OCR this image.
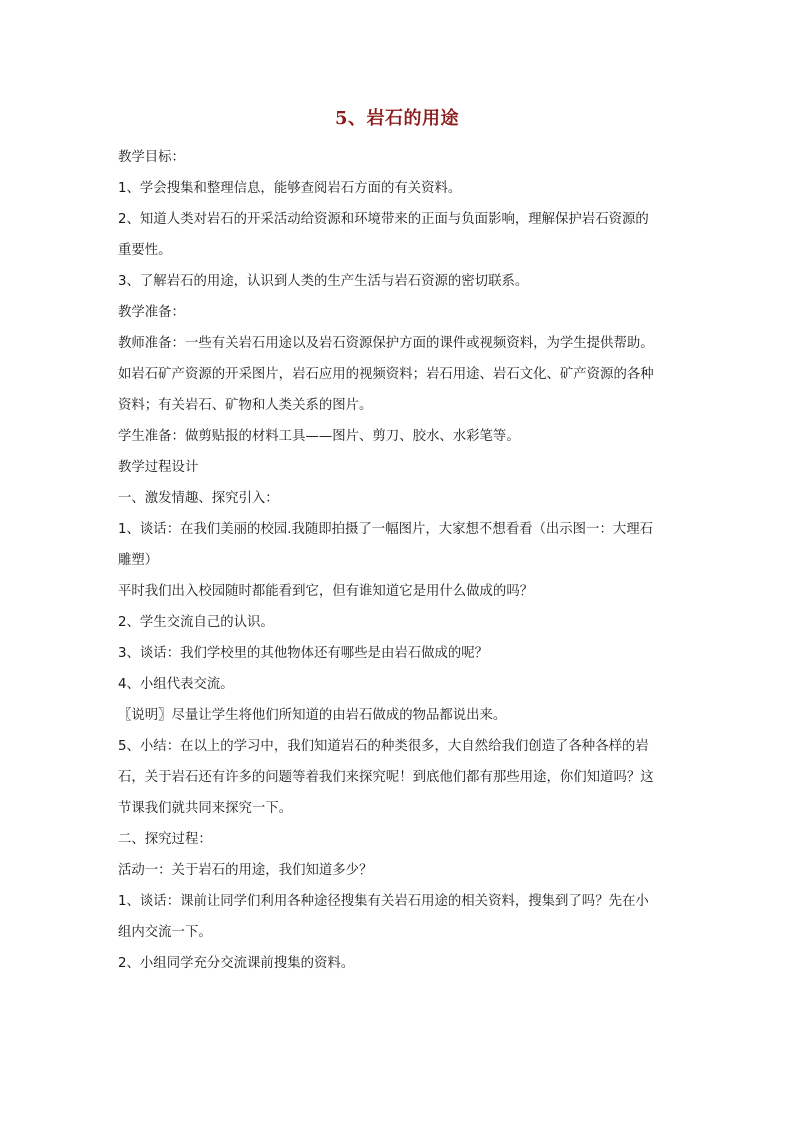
5、岩石的用途
教学目标：
1、学会搜集和整理信息，能够查阅岩石方面的有关资料。
2、知道人类对岩石的开采活动给资源和环境带来的正面与负面影响，理解保护岩石资源的
重要性。
3、了解岩石的用途，认识到人类的生产生活与岩石资源的密切联系。
教学准备：
教师准备：一些有关岩石用途以及岩石资源保护方面的课件或视频资料，为学生提供帮助。
如岩石矿产资源的开采图片，岩石应用的视频资料；岩石用途、岩石文化、矿产资源的各种
资料；有关岩石、矿物和人类关系的图片。
学生准备：做剪贴报的材料工具——图片、剪刀、胶水、水彩笔等。
教学过程设计
一、激发情趣、探究引入：
1、谈话：在我们美丽的校园.我随即拍摄了一幅图片，大家想不想看看（出示图一：大理石
雕塑）
平时我们出入校园随时都能看到它，但有谁知道它是用什么做成的吗？
2、学生交流自己的认识。
3、谈话：我们学校里的其他物体还有哪些是由岩石做成的呢？
4、小组代表交流。
〖说明〗尽量让学生将他们所知道的由岩石做成的物品都说出来。
5、小结：在以上的学习中，我们知道岩石的种类很多，大自然给我们创造了各种各样的岩
石，关于岩石还有许多的问题等着我们来探究呢！到底他们都有那些用途，你们知道吗？这
节课我们就共同来探究一下。
二、探究过程：
活动一：关于岩石的用途，我们知道多少？
1、谈话：课前让同学们利用各种途径搜集有关岩石用途的相关资料，搜集到了吗？先在小
组内交流一下。
2、小组同学充分交流课前搜集的资料。
